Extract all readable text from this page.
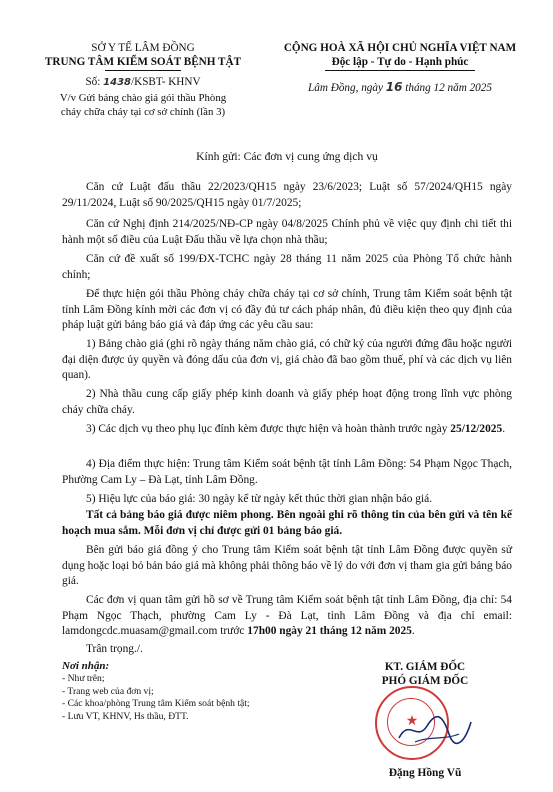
SỞ Y TẾ LÂM ĐỒNG
TRUNG TÂM KIỂM SOÁT BỆNH TẬT
Số: 1438/KSBT- KHNV
V/v Gửi bảng chào giá gói thầu Phòng
cháy chữa cháy tại cơ sở chính (lần 3)
CỘNG HOÀ XÃ HỘI CHỦ NGHĨA VIỆT NAM
Độc lập - Tự do - Hạnh phúc
Lâm Đồng, ngày 16 tháng 12 năm 2025
Kính gửi: Các đơn vị cung ứng dịch vụ
Căn cứ Luật đấu thầu 22/2023/QH15 ngày 23/6/2023; Luật số 57/2024/QH15 ngày 29/11/2024, Luật số 90/2025/QH15 ngày 01/7/2025;
Căn cứ Nghị định 214/2025/NĐ-CP ngày 04/8/2025 Chính phủ về việc quy định chi tiết thi hành một số điều của Luật Đấu thầu về lựa chọn nhà thầu;
Căn cứ đề xuất số 199/ĐX-TCHC ngày 28 tháng 11 năm 2025 của Phòng Tổ chức hành chính;
Để thực hiện gói thầu Phòng cháy chữa cháy tại cơ sở chính, Trung tâm Kiểm soát bệnh tật tỉnh Lâm Đồng kính mời các đơn vị có đầy đủ tư cách pháp nhân, đủ điều kiện theo quy định của pháp luật gửi bảng báo giá và đáp ứng các yêu cầu sau:
1) Bảng chào giá (ghi rõ ngày tháng năm chào giá, có chữ ký của người đứng đầu hoặc người đại diện được ủy quyền và đóng dấu của đơn vị, giá chào đã bao gồm thuế, phí và các dịch vụ liên quan).
2) Nhà thầu cung cấp giấy phép kinh doanh và giấy phép hoạt động trong lĩnh vực phòng cháy chữa cháy.
3) Các dịch vụ theo phụ lục đính kèm được thực hiện và hoàn thành trước ngày 25/12/2025.
4) Địa điểm thực hiện: Trung tâm Kiểm soát bệnh tật tỉnh Lâm Đồng: 54 Phạm Ngọc Thạch, Phường Cam Ly – Đà Lạt, tỉnh Lâm Đồng.
5) Hiệu lực của báo giá: 30 ngày kể từ ngày kết thúc thời gian nhận báo giá.
Tất cả bảng báo giá được niêm phong. Bên ngoài ghi rõ thông tin của bên gửi và tên kế hoạch mua sắm. Mỗi đơn vị chỉ được gửi 01 bảng báo giá.
Bên gửi báo giá đồng ý cho Trung tâm Kiểm soát bệnh tật tỉnh Lâm Đồng được quyền sử dụng hoặc loại bỏ bản báo giá mà không phải thông báo về lý do với đơn vị tham gia gửi bảng báo giá.
Các đơn vị quan tâm gửi hồ sơ về Trung tâm Kiểm soát bệnh tật tỉnh Lâm Đồng, địa chỉ: 54 Phạm Ngọc Thạch, phường Cam Ly - Đà Lạt, tỉnh Lâm Đồng và địa chỉ email: lamdongcdc.muasam@gmail.com trước 17h00 ngày 21 tháng 12 năm 2025.
Trân trọng./.
Nơi nhận:
- Như trên;
- Trang web của đơn vị;
- Các khoa/phòng Trung tâm Kiểm soát bệnh tật;
- Lưu VT, KHNV, Hs thầu, ĐTT.
KT. GIÁM ĐỐC
PHÓ GIÁM ĐỐC
★
Đặng Hồng Vũ
